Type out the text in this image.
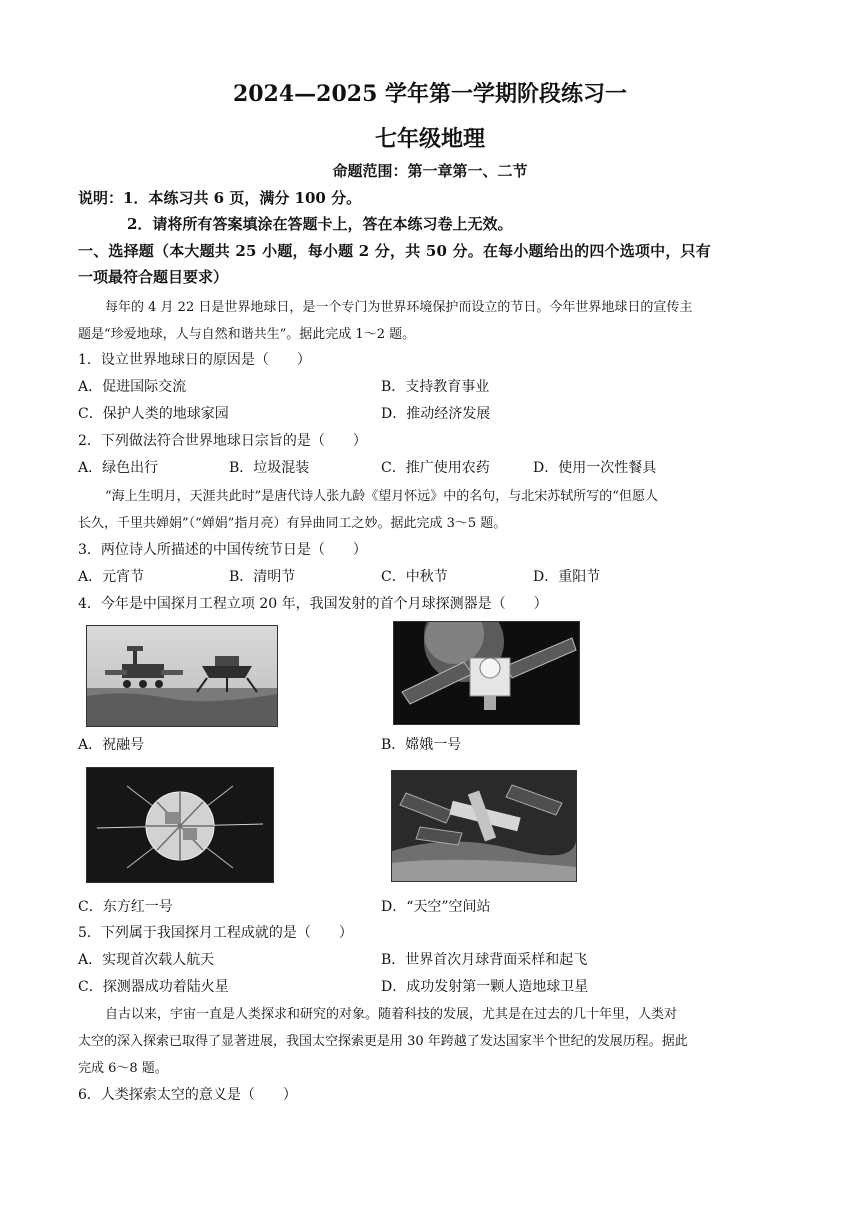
2024—2025 学年第一学期阶段练习一
七年级地理
命题范围：第一章第一、二节
说明：1．本练习共 6 页，满分 100 分。
2．请将所有答案填涂在答题卡上，答在本练习卷上无效。
一、选择题（本大题共 25 小题，每小题 2 分，共 50 分。在每小题给出的四个选项中，只有
一项最符合题目要求）
每年的 4 月 22 日是世界地球日，是一个专门为世界环境保护而设立的节日。今年世界地球日的宣传主
题是“珍爱地球，人与自然和谐共生”。据此完成 1～2 题。
1．设立世界地球日的原因是（　　）
A．促进国际交流	B．支持教育事业
C．保护人类的地球家园	D．推动经济发展
2．下列做法符合世界地球日宗旨的是（　　）
A．绿色出行	B．垃圾混装	C．推广使用农药	D．使用一次性餐具
“海上生明月，天涯共此时”是唐代诗人张九龄《望月怀远》中的名句，与北宋苏轼所写的“但愿人
长久，千里共婵娟”（“婵娟”指月亮）有异曲同工之妙。据此完成 3～5 题。
3．两位诗人所描述的中国传统节日是（　　）
A．元宵节	B．清明节	C．中秋节	D．重阳节
4．今年是中国探月工程立项 20 年，我国发射的首个月球探测器是（　　）
A．祝融号	B．嫦娥一号
C．东方红一号	D．“天空”空间站
5．下列属于我国探月工程成就的是（　　）
A．实现首次载人航天	B．世界首次月球背面采样和起飞
C．探测器成功着陆火星	D．成功发射第一颗人造地球卫星
自古以来，宇宙一直是人类探求和研究的对象。随着科技的发展，尤其是在过去的几十年里，人类对
太空的深入探索已取得了显著进展，我国太空探索更是用 30 年跨越了发达国家半个世纪的发展历程。据此
完成 6～8 题。
6．人类探索太空的意义是（　　）
